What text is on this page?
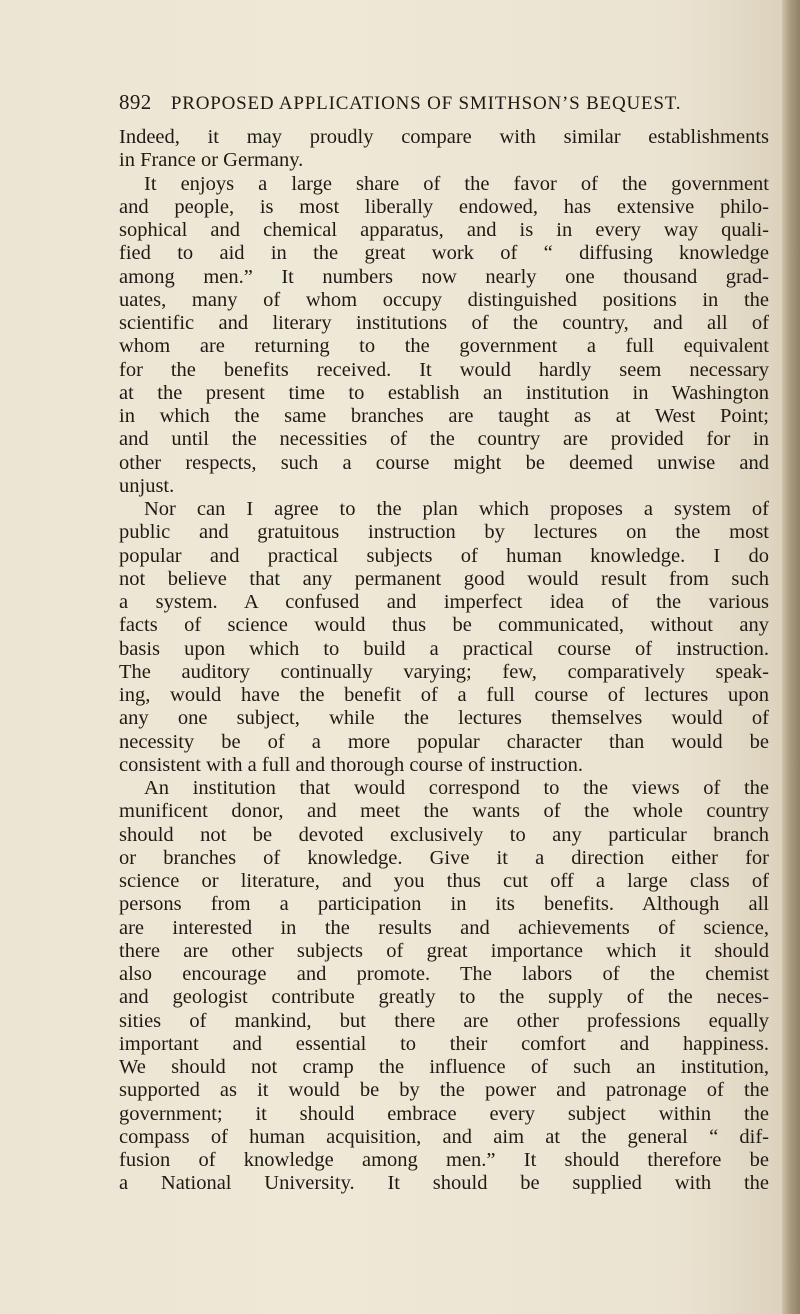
892 PROPOSED APPLICATIONS OF SMITHSON’S BEQUEST.
Indeed, it may proudly compare with similar establishments
in France or Germany.
It enjoys a large share of the favor of the government
and people, is most liberally endowed, has extensive philo-
sophical and chemical apparatus, and is in every way quali-
fied to aid in the great work of “ diffusing knowledge
among men.” It numbers now nearly one thousand grad-
uates, many of whom occupy distinguished positions in the
scientific and literary institutions of the country, and all of
whom are returning to the government a full equivalent
for the benefits received. It would hardly seem necessary
at the present time to establish an institution in Washington
in which the same branches are taught as at West Point;
and until the necessities of the country are provided for in
other respects, such a course might be deemed unwise and
unjust.
Nor can I agree to the plan which proposes a system of
public and gratuitous instruction by lectures on the most
popular and practical subjects of human knowledge. I do
not believe that any permanent good would result from such
a system. A confused and imperfect idea of the various
facts of science would thus be communicated, without any
basis upon which to build a practical course of instruction.
The auditory continually varying; few, comparatively speak-
ing, would have the benefit of a full course of lectures upon
any one subject, while the lectures themselves would of
necessity be of a more popular character than would be
consistent with a full and thorough course of instruction.
An institution that would correspond to the views of the
munificent donor, and meet the wants of the whole country
should not be devoted exclusively to any particular branch
or branches of knowledge. Give it a direction either for
science or literature, and you thus cut off a large class of
persons from a participation in its benefits. Although all
are interested in the results and achievements of science,
there are other subjects of great importance which it should
also encourage and promote. The labors of the chemist
and geologist contribute greatly to the supply of the neces-
sities of mankind, but there are other professions equally
important and essential to their comfort and happiness.
We should not cramp the influence of such an institution,
supported as it would be by the power and patronage of the
government; it should embrace every subject within the
compass of human acquisition, and aim at the general “ dif-
fusion of knowledge among men.” It should therefore be
a National University. It should be supplied with the
